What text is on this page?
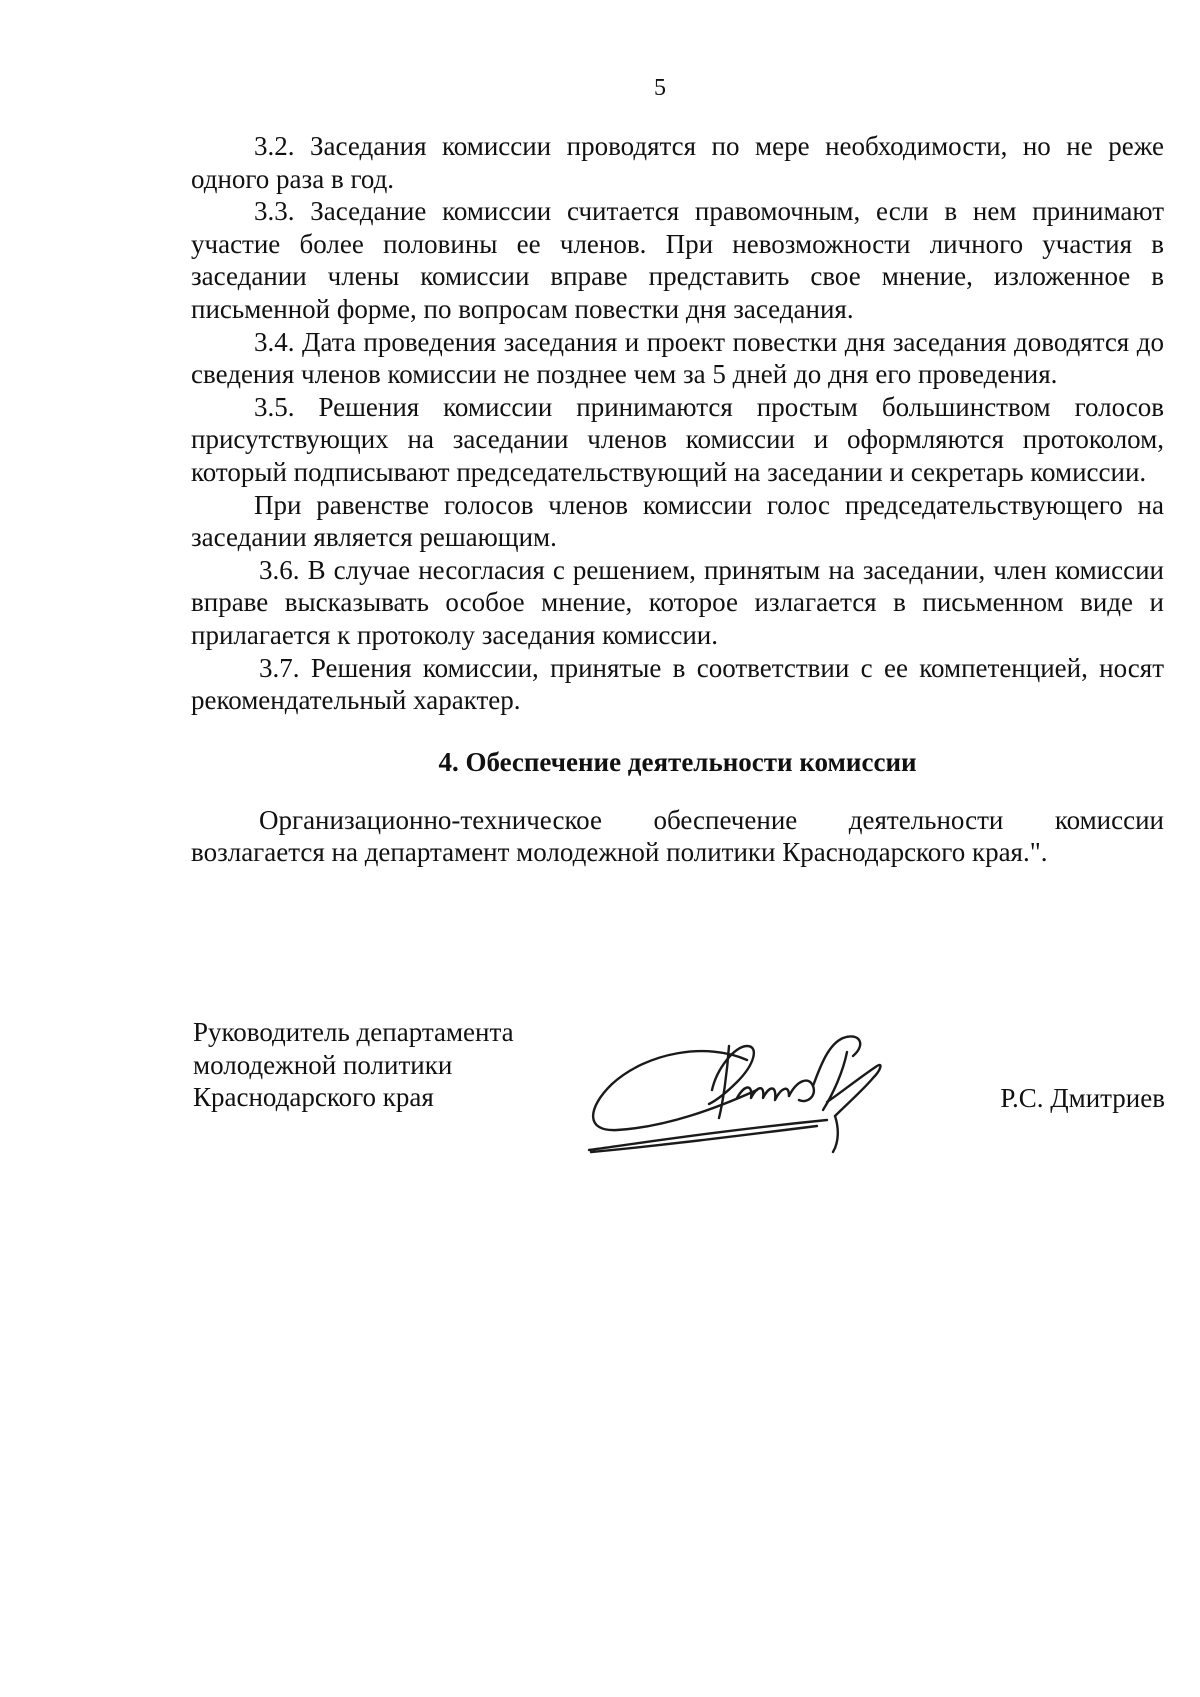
5

3.2. Заседания комиссии проводятся по мере необходимости, но не реже одного раза в год.

3.3. Заседание комиссии считается правомочным, если в нем принимают участие более половины ее членов. При невозможности личного участия в заседании члены комиссии вправе представить свое мнение, изложенное в письменной форме, по вопросам повестки дня заседания.

3.4. Дата проведения заседания и проект повестки дня заседания доводятся до сведения членов комиссии не позднее чем за 5 дней до дня его проведения.

3.5. Решения комиссии принимаются простым большинством голосов присутствующих на заседании членов комиссии и оформляются протоколом, который подписывают председательствующий на заседании и секретарь комиссии.

При равенстве голосов членов комиссии голос председательствующего на заседании является решающим.

3.6. В случае несогласия с решением, принятым на заседании, член комиссии вправе высказывать особое мнение, которое излагается в письменном виде и прилагается к протоколу заседания комиссии.

3.7. Решения комиссии, принятые в соответствии с ее компетенцией, носят рекомендательный характер.

4. Обеспечение деятельности комиссии

Организационно-техническое обеспечение деятельности комиссии возлагается на департамент молодежной политики Краснодарского края.".

Руководитель департамента
молодежной политики
Краснодарского края	Р.С. Дмитриев
